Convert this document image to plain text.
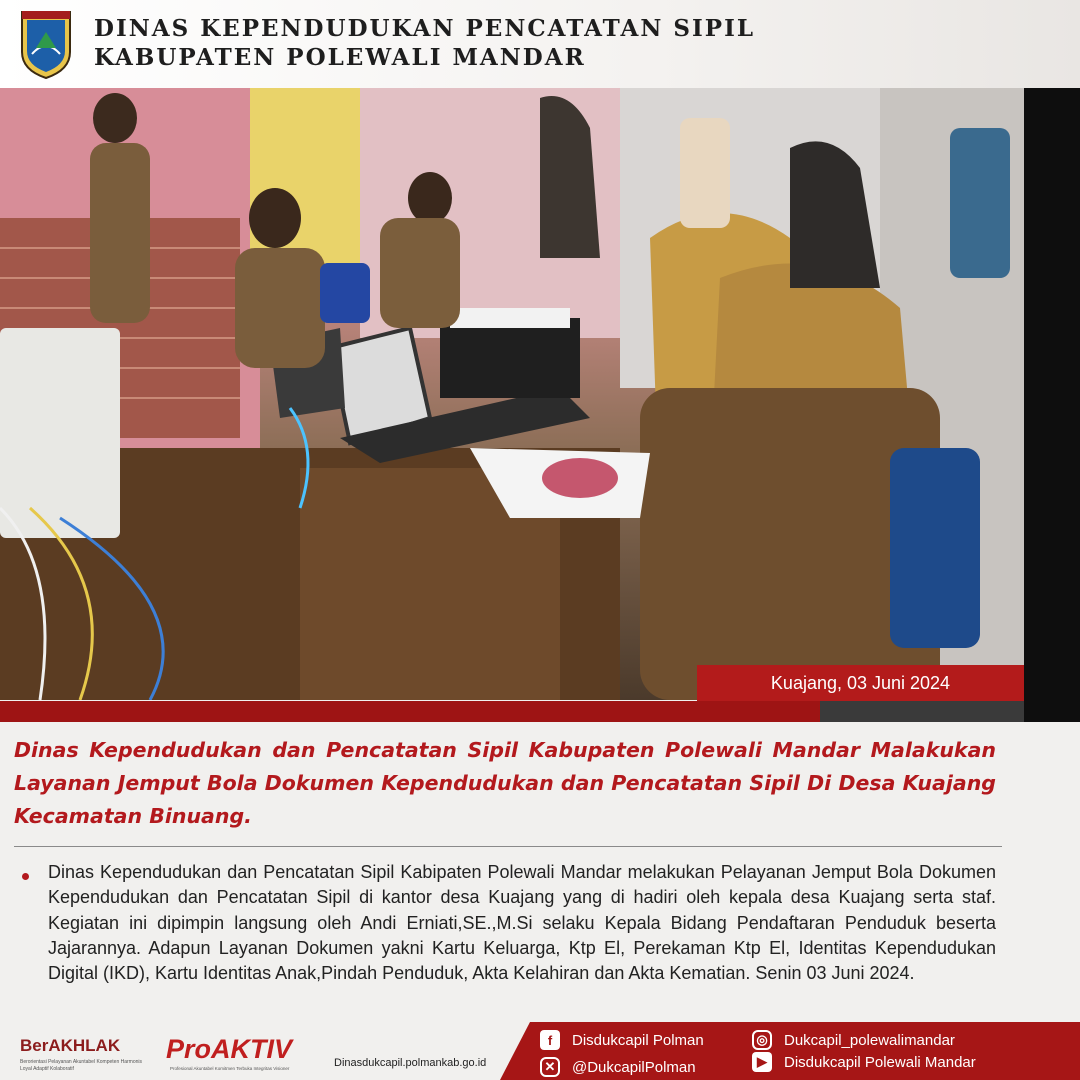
DINAS KEPENDUDUKAN PENCATATAN SIPIL
KABUPATEN POLEWALI MANDAR
Kuajang, 03 Juni 2024
Dinas Kependudukan dan Pencatatan Sipil Kabupaten Polewali Mandar Malakukan Layanan Jemput Bola Dokumen Kependudukan dan Pencatatan Sipil Di Desa Kuajang Kecamatan Binuang.
Dinas Kependudukan dan Pencatatan Sipil Kabipaten Polewali Mandar melakukan Pelayanan Jemput Bola Dokumen Kependudukan dan Pencatatan Sipil di kantor desa Kuajang yang di hadiri oleh kepala desa Kuajang serta staf. Kegiatan ini dipimpin langsung oleh Andi Erniati,SE.,M.Si selaku Kepala Bidang Pendaftaran Penduduk beserta Jajarannya. Adapun Layanan Dokumen yakni Kartu Keluarga, Ktp El, Perekaman Ktp El, Identitas Kependudukan Digital (IKD), Kartu Identitas Anak,Pindah Penduduk, Akta Kelahiran dan Akta Kematian. Senin 03 Juni 2024.
BerAKHLAK
Berorientasi Pelayanan Akuntabel Kompeten Harmonis Loyal Adaptif Kolaboratif
ProAKTIV
Profesional Akuntabel Komitmen Terbuka Integritas Visioner	Dinasdukcapil.polmankab.go.id
f	Disdukcapil Polman
✕	@DukcapilPolman
◎ Dukcapil_polewalimandar
▶	Disdukcapil Polewali Mandar
